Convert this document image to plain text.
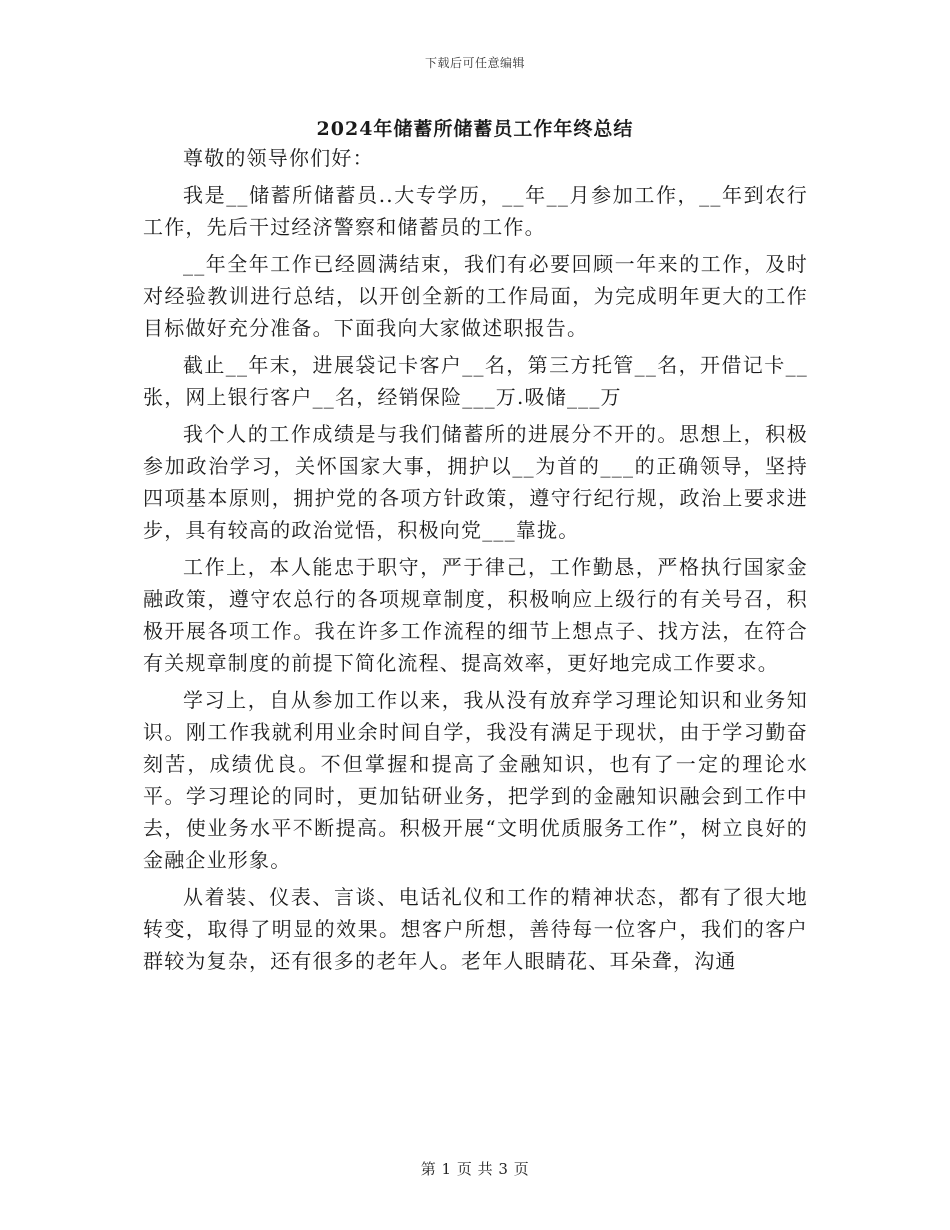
下载后可任意编辑
2024年储蓄所储蓄员工作年终总结

尊敬的领导你们好：

我是__储蓄所储蓄员..大专学历，__年__月参加工作，__年到农行工作，先后干过经济警察和储蓄员的工作。

__年全年工作已经圆满结束，我们有必要回顾一年来的工作，及时对经验教训进行总结，以开创全新的工作局面，为完成明年更大的工作目标做好充分准备。下面我向大家做述职报告。

截止__年末，进展袋记卡客户__名，第三方托管__名，开借记卡__张，网上银行客户__名，经销保险___万.吸储___万

我个人的工作成绩是与我们储蓄所的进展分不开的。思想上，积极参加政治学习，关怀国家大事，拥护以__为首的___的正确领导，坚持四项基本原则，拥护党的各项方针政策，遵守行纪行规，政治上要求进步，具有较高的政治觉悟，积极向党___靠拢。

工作上，本人能忠于职守，严于律己，工作勤恳，严格执行国家金融政策，遵守农总行的各项规章制度，积极响应上级行的有关号召，积极开展各项工作。我在许多工作流程的细节上想点子、找方法，在符合有关规章制度的前提下简化流程、提高效率，更好地完成工作要求。

学习上，自从参加工作以来，我从没有放弃学习理论知识和业务知识。刚工作我就利用业余时间自学，我没有满足于现状，由于学习勤奋刻苦，成绩优良。不但掌握和提高了金融知识，也有了一定的理论水平。学习理论的同时，更加钻研业务，把学到的金融知识融会到工作中去，使业务水平不断提高。积极开展“文明优质服务工作”，树立良好的金融企业形象。

从着装、仪表、言谈、电话礼仪和工作的精神状态，都有了很大地转变，取得了明显的效果。想客户所想，善待每一位客户，我们的客户群较为复杂，还有很多的老年人。老年人眼睛花、耳朵聋，沟通

第 1 页 共 3 页
